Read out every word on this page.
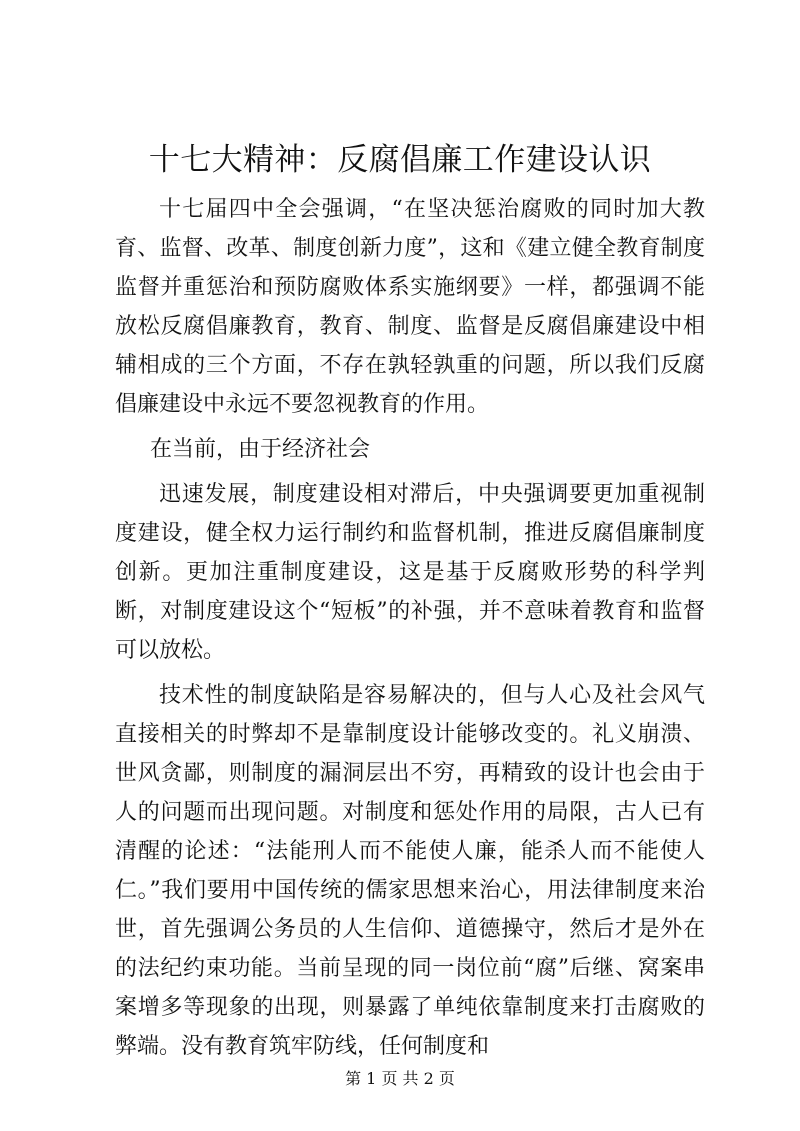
十七大精神：反腐倡廉工作建设认识

十七届四中全会强调，“在坚决惩治腐败的同时加大教育、监督、改革、制度创新力度”，这和《建立健全教育制度监督并重惩治和预防腐败体系实施纲要》一样，都强调不能放松反腐倡廉教育，教育、制度、监督是反腐倡廉建设中相辅相成的三个方面，不存在孰轻孰重的问题，所以我们反腐倡廉建设中永远不要忽视教育的作用。

在当前，由于经济社会

迅速发展，制度建设相对滞后，中央强调要更加重视制度建设，健全权力运行制约和监督机制，推进反腐倡廉制度创新。更加注重制度建设，这是基于反腐败形势的科学判断，对制度建设这个“短板”的补强，并不意味着教育和监督可以放松。

技术性的制度缺陷是容易解决的，但与人心及社会风气直接相关的时弊却不是靠制度设计能够改变的。礼义崩溃、世风贪鄙，则制度的漏洞层出不穷，再精致的设计也会由于人的问题而出现问题。对制度和惩处作用的局限，古人已有清醒的论述：“法能刑人而不能使人廉，能杀人而不能使人仁。”我们要用中国传统的儒家思想来治心，用法律制度来治世，首先强调公务员的人生信仰、道德操守，然后才是外在的法纪约束功能。当前呈现的同一岗位前“腐”后继、窝案串案增多等现象的出现，则暴露了单纯依靠制度来打击腐败的弊端。没有教育筑牢防线，任何制度和

第 1 页 共 2 页
